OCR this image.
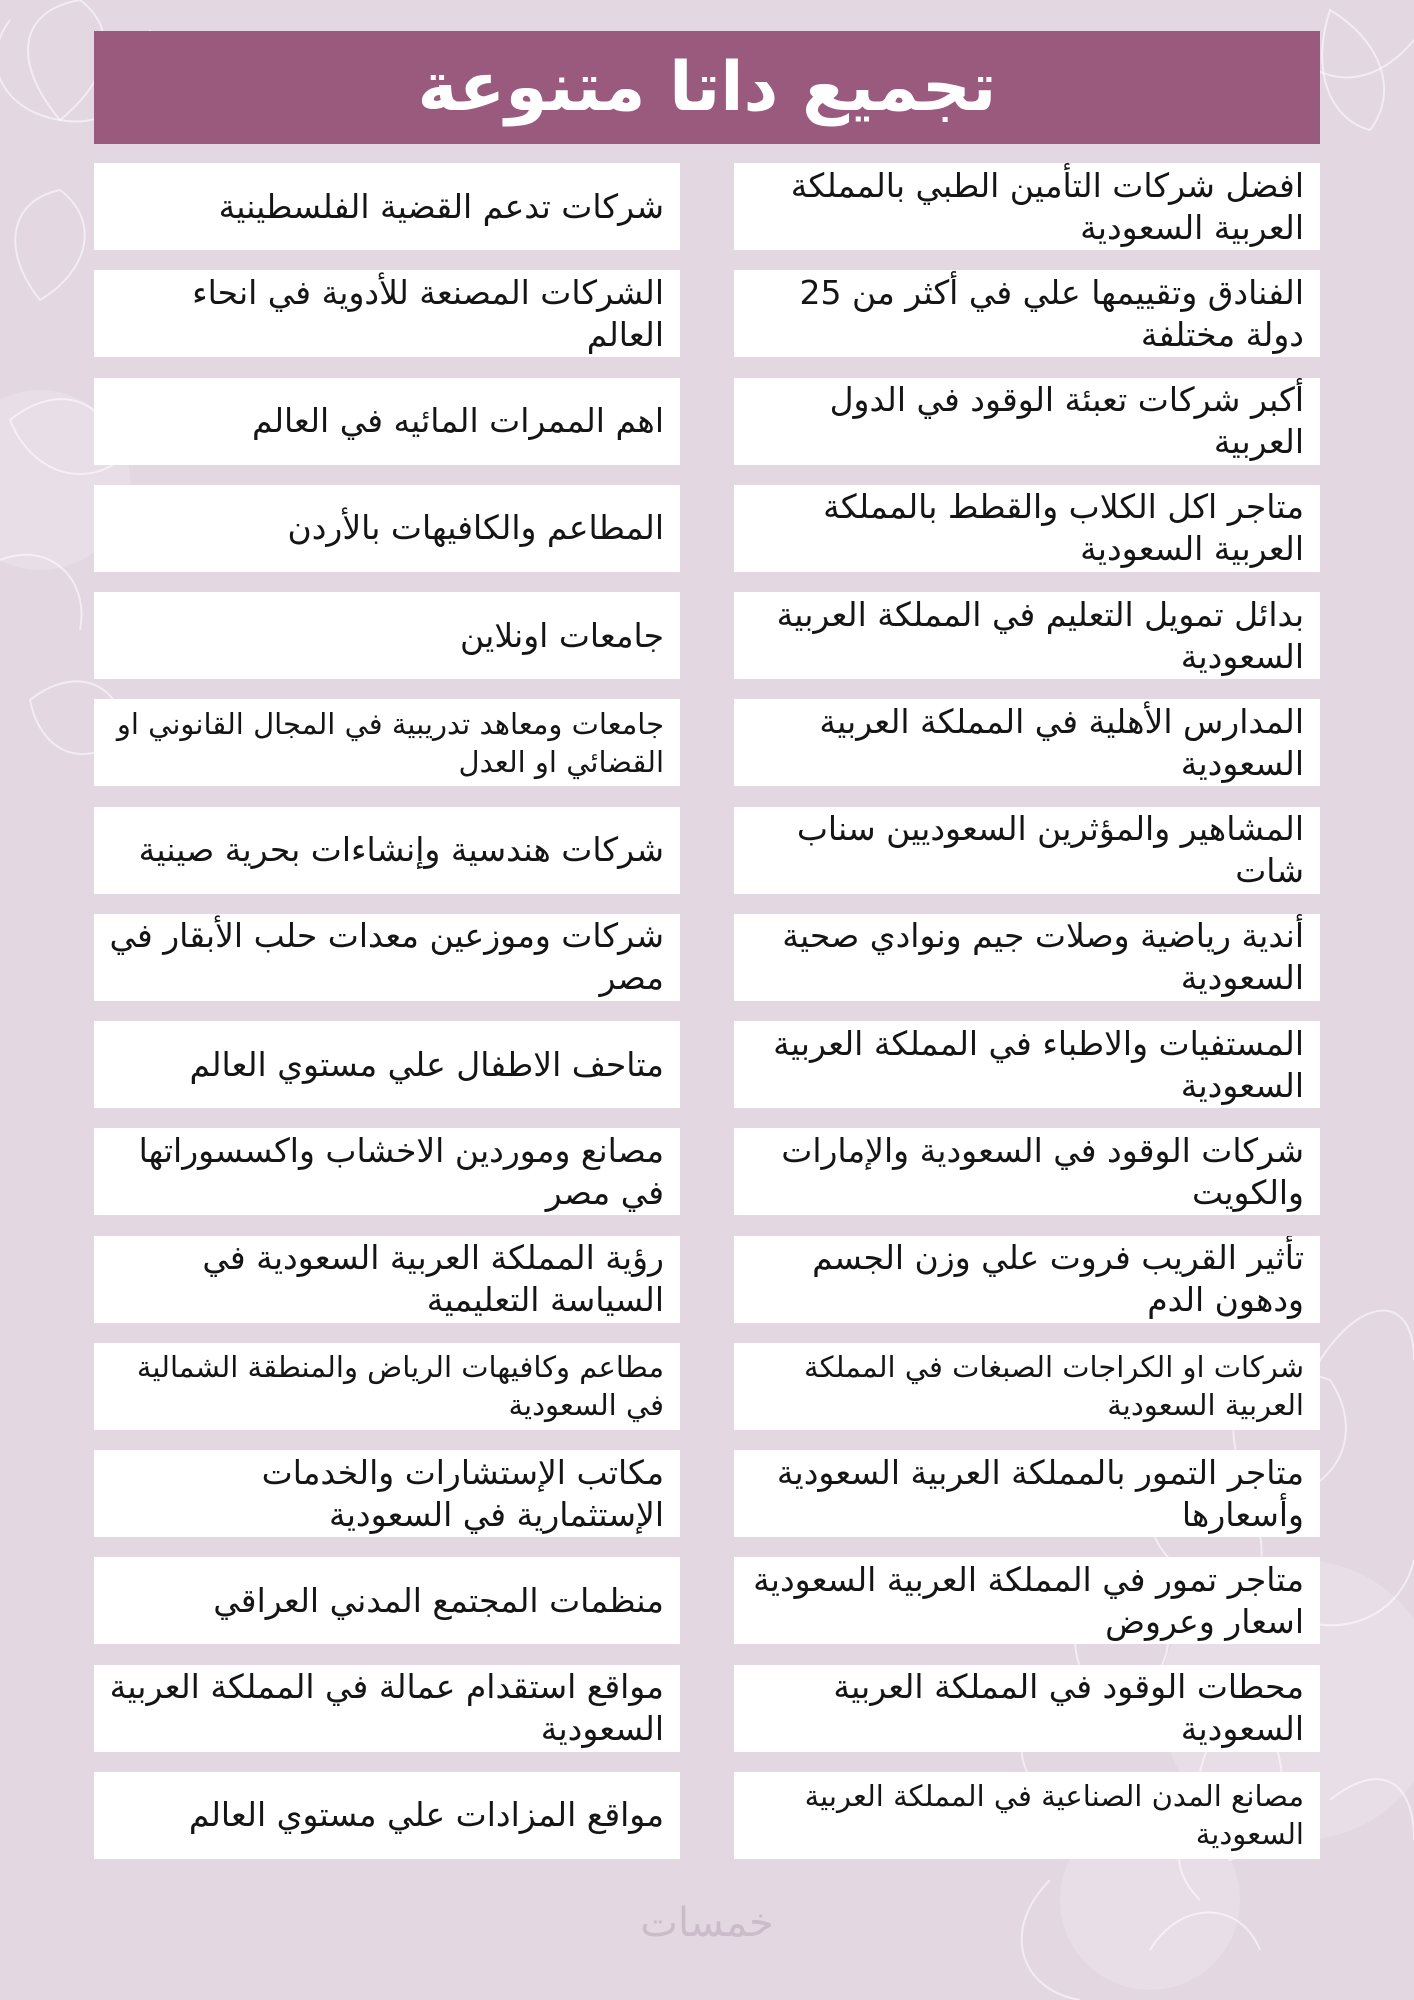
تجميع داتا متنوعة
افضل شركات التأمين الطبي بالمملكة العربية السعودية
شركات تدعم القضية الفلسطينية
الفنادق وتقييمها علي في أكثر من 25 دولة مختلفة
الشركات المصنعة للأدوية في انحاء العالم
أكبر شركات تعبئة الوقود في الدول العربية
اهم الممرات المائيه في العالم
متاجر اكل الكلاب والقطط بالمملكة العربية السعودية
المطاعم والكافيهات بالأردن
بدائل تمويل التعليم في المملكة العربية السعودية
جامعات اونلاين
المدارس الأهلية في المملكة العربية السعودية
جامعات ومعاهد تدريبية في المجال القانوني او القضائي او العدل
المشاهير والمؤثرين السعوديين سناب شات
شركات هندسية وإنشاءات بحرية صينية
أندية رياضية وصلات جيم ونوادي صحية السعودية
شركات وموزعين معدات حلب الأبقار في مصر
المستفيات والاطباء في المملكة العربية السعودية
متاحف الاطفال علي مستوي العالم
شركات الوقود في السعودية والإمارات والكويت
مصانع وموردين الاخشاب واكسسوراتها في مصر
تأثير القريب فروت علي وزن الجسم ودهون الدم
رؤية المملكة العربية السعودية في السياسة التعليمية
شركات او الكراجات الصبغات في المملكة العربية السعودية
مطاعم وكافيهات الرياض والمنطقة الشمالية في السعودية
متاجر التمور بالمملكة العربية السعودية وأسعارها
مكاتب الإستشارات والخدمات الإستثمارية في السعودية
متاجر تمور في المملكة العربية السعودية اسعار وعروض
منظمات المجتمع المدني العراقي
محطات الوقود في المملكة العربية السعودية
مواقع استقدام عمالة في المملكة العربية السعودية
مصانع المدن الصناعية في المملكة العربية السعودية
مواقع المزادات علي مستوي العالم
خمسات
